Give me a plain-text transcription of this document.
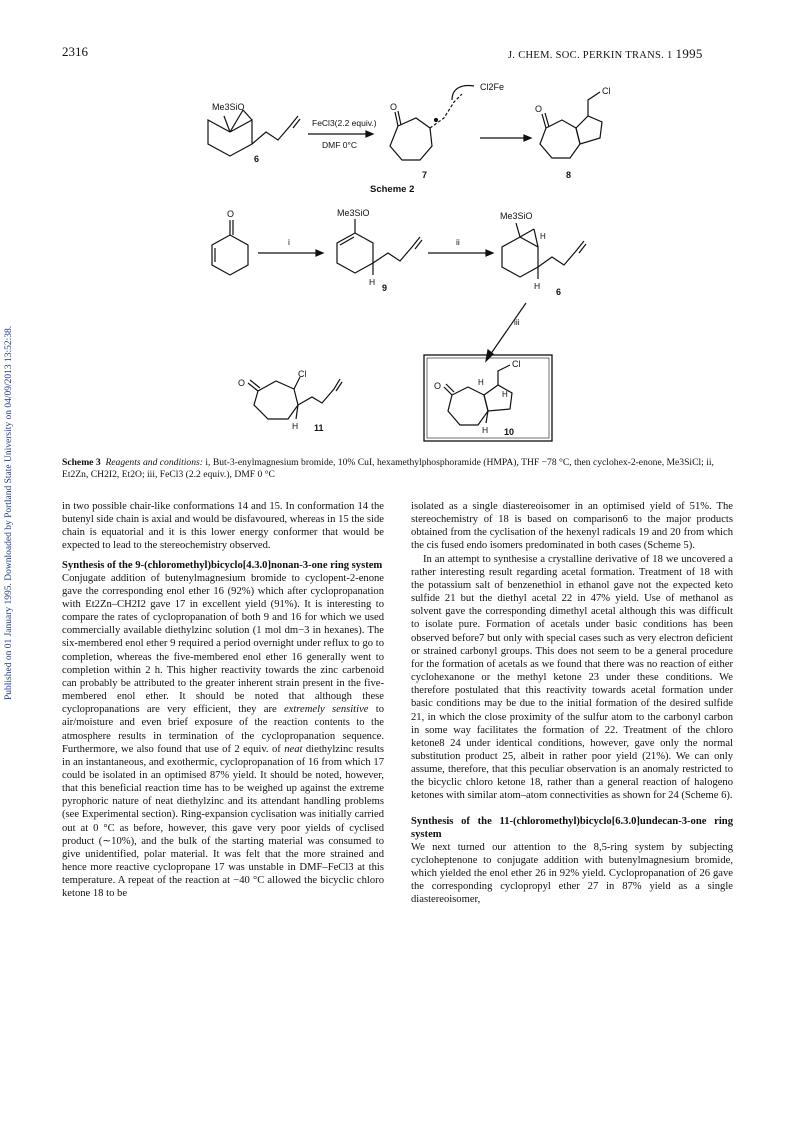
2316	J. CHEM. SOC. PERKIN TRANS. 1 1995
Published on 01 January 1995. Downloaded by Portland State University on 04/09/2013 13:52:38.
Me3SiO
6
FeCl3(2.2 equiv.)
DMF 0°C
O
Cl2Fe
7
O
Cl
8
Scheme 2
O
i
Me3SiO
H
9
ii
Me3SiO
H
H
6
iii
O
Cl
H 11
O
Cl
H
H
H 10
Scheme 3 Reagents and conditions: i, But-3-enylmagnesium bromide, 10% CuI, hexamethylphosphoramide (HMPA), THF −78 °C, then cyclohex-2-enone, Me3SiCl; ii, Et2Zn, CH2I2, Et2O; iii, FeCl3 (2.2 equiv.), DMF 0 °C

in two possible chair-like conformations 14 and 15. In conformation 14 the butenyl side chain is axial and would be disfavoured, whereas in 15 the side chain is equatorial and it is this lower energy conformer that would be expected to lead to the stereochemistry observed.

Synthesis of the 9-(chloromethyl)bicyclo[4.3.0]nonan-3-one ring system

Conjugate addition of butenylmagnesium bromide to cyclopent-2-enone gave the corresponding enol ether 16 (92%) which after cyclopropanation with Et2Zn–CH2I2 gave 17 in excellent yield (91%). It is interesting to compare the rates of cyclopropanation of both 9 and 16 for which we used commercially available diethylzinc solution (1 mol dm−3 in hexanes). The six-membered enol ether 9 required a period overnight under reflux to go to completion, whereas the five-membered enol ether 16 generally went to completion within 2 h. This higher reactivity towards the zinc carbenoid can probably be attributed to the greater inherent strain present in the five-membered enol ether. It should be noted that although these cyclopropanations are very efficient, they are extremely sensitive to air/moisture and even brief exposure of the reaction contents to the atmosphere results in termination of the cyclopropanation sequence. Furthermore, we also found that use of 2 equiv. of neat diethylzinc results in an instantaneous, and exothermic, cyclopropanation of 16 from which 17 could be isolated in an optimised 87% yield. It should be noted, however, that this beneficial reaction time has to be weighed up against the extreme pyrophoric nature of neat diethylzinc and its attendant handling problems (see Experimental section). Ring-expansion cyclisation was initially carried out at 0 °C as before, however, this gave very poor yields of cyclised product (∼10%), and the bulk of the starting material was consumed to give unidentified, polar material. It was felt that the more strained and hence more reactive cyclopropane 17 was unstable in DMF–FeCl3 at this temperature. A repeat of the reaction at −40 °C allowed the bicyclic chloro ketone 18 to be

isolated as a single diastereoisomer in an optimised yield of 51%. The stereochemistry of 18 is based on comparison6 to the major products obtained from the cyclisation of the hexenyl radicals 19 and 20 from which the cis fused endo isomers predominated in both cases (Scheme 5).

In an attempt to synthesise a crystalline derivative of 18 we uncovered a rather interesting result regarding acetal formation. Treatment of 18 with the potassium salt of benzenethiol in ethanol gave not the expected keto sulfide 21 but the diethyl acetal 22 in 47% yield. Use of methanol as solvent gave the corresponding dimethyl acetal although this was difficult to isolate pure. Formation of acetals under basic conditions has been observed before7 but only with special cases such as very electron deficient or strained carbonyl groups. This does not seem to be a general procedure for the formation of acetals as we found that there was no reaction of either cyclohexanone or the methyl ketone 23 under these conditions. We therefore postulated that this reactivity towards acetal formation under basic conditions may be due to the initial formation of the desired sulfide 21, in which the close proximity of the sulfur atom to the carbonyl carbon in some way facilitates the formation of 22. Treatment of the chloro ketone8 24 under identical conditions, however, gave only the normal substitution product 25, albeit in rather poor yield (21%). We can only assume, therefore, that this peculiar observation is an anomaly restricted to the bicyclic chloro ketone 18, rather than a general reaction of halogeno ketones with similar atom–atom connectivities as shown for 24 (Scheme 6).

Synthesis of the 11-(chloromethyl)bicyclo[6.3.0]undecan-3-one ring system

We next turned our attention to the 8,5-ring system by subjecting cycloheptenone to conjugate addition with butenylmagnesium bromide, which yielded the enol ether 26 in 92% yield. Cyclopropanation of 26 gave the corresponding cyclopropyl ether 27 in 87% yield as a single diastereoisomer,
